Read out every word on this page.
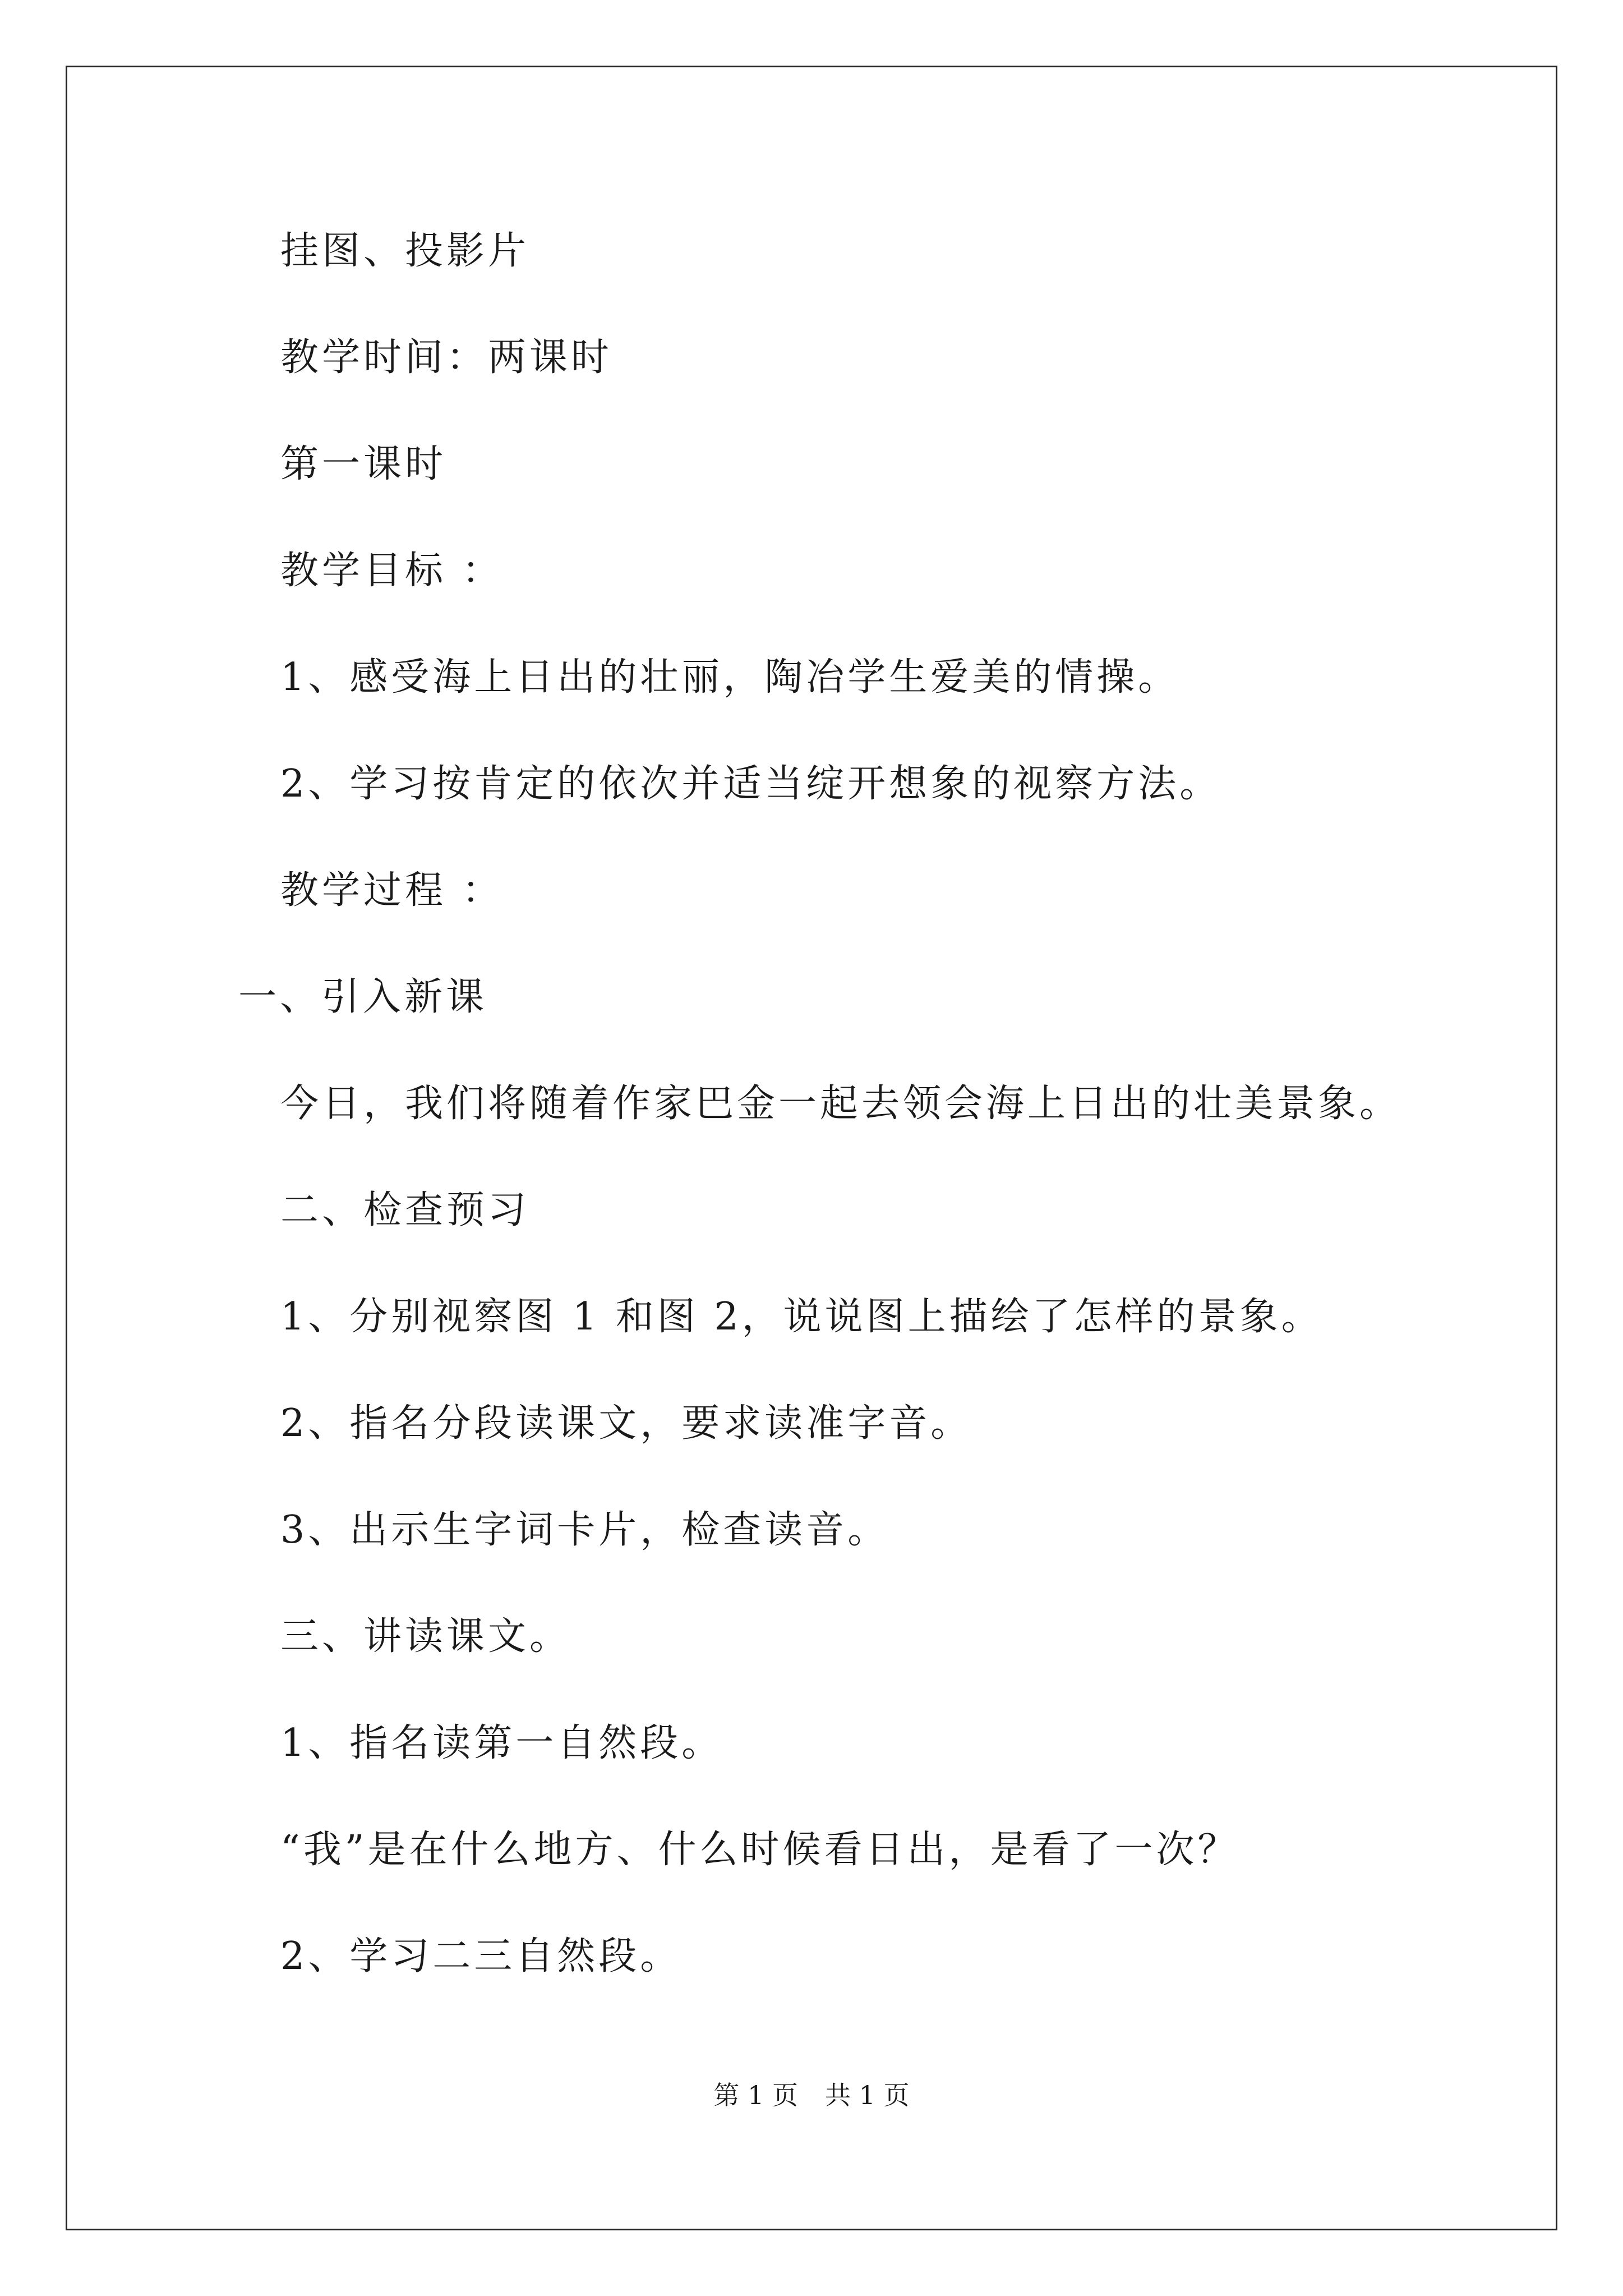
挂图、投影片
教学时间：两课时
第一课时
教学目标 ：
1、感受海上日出的壮丽，陶冶学生爱美的情操。
2、学习按肯定的依次并适当绽开想象的视察方法。
教学过程 ：
一、引入新课
今日，我们将随着作家巴金一起去领会海上日出的壮美景象。
二、检查预习
1、分别视察图 1 和图 2，说说图上描绘了怎样的景象。
2、指名分段读课文，要求读准字音。
3、出示生字词卡片，检查读音。
三、讲读课文。
1、指名读第一自然段。
“我”是在什么地方、什么时候看日出，是看了一次？
2、学习二三自然段。
第 1 页 共 1 页
